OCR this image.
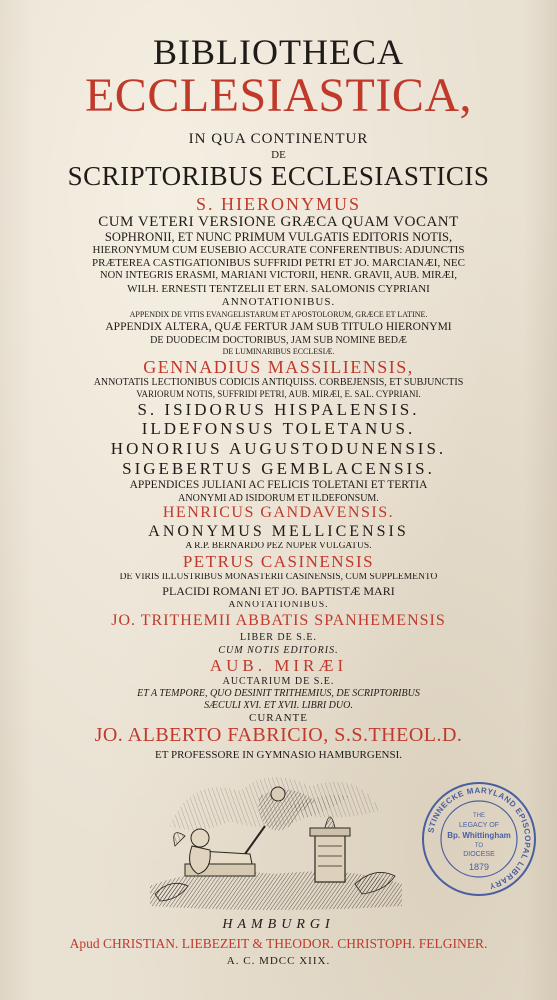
BIBLIOTHECA
ECCLESIASTICA,
IN QUA CONTINENTUR
DE
SCRIPTORIBUS ECCLESIASTICIS
S. HIERONYMUS
CUM VETERI VERSIONE GRÆCA QUAM VOCANT
SOPHRONII, ET NUNC PRIMUM VULGATIS EDITORIS NOTIS,
HIERONYMUM CUM EUSEBIO ACCURATE CONFERENTIBUS: ADJUNCTIS
PRÆTEREA CASTIGATIONIBUS SUFFRIDI PETRI ET JO. MARCIANÆI, NEC
NON INTEGRIS ERASMI, MARIANI VICTORII, HENR. GRAVII, AUB. MIRÆI,
WILH. ERNESTI TENTZELII ET ERN. SALOMONIS CYPRIANI
ANNOTATIONIBUS.
APPENDIX DE VITIS EVANGELISTARUM ET APOSTOLORUM, GRÆCE ET LATINE.
APPENDIX ALTERA, QUÆ FERTUR JAM SUB TITULO HIERONYMI
DE DUODECIM DOCTORIBUS, JAM SUB NOMINE BEDÆ
DE LUMINARIBUS ECCLESIÆ.
GENNADIUS MASSILIENSIS,
ANNOTATIS LECTIONIBUS CODICIS ANTIQUISS. CORBEJENSIS, ET SUBJUNCTIS
VARIORUM NOTIS, SUFFRIDI PETRI, AUB. MIRÆI, E. SAL. CYPRIANI.
S. ISIDORUS HISPALENSIS.
ILDEFONSUS TOLETANUS.
HONORIUS AUGUSTODUNENSIS.
SIGEBERTUS GEMBLACENSIS.
APPENDICES JULIANI AC FELICIS TOLETANI ET TERTIA
ANONYMI AD ISIDORUM ET ILDEFONSUM.
HENRICUS GANDAVENSIS.
ANONYMUS MELLICENSIS
A R.P. BERNARDO PEZ NUPER VULGATUS.
PETRUS CASINENSIS
DE VIRIS ILLUSTRIBUS MONASTERII CASINENSIS, CUM SUPPLEMENTO
PLACIDI ROMANI ET JO. BAPTISTÆ MARI
ANNOTATIONIBUS.
JO. TRITHEMII ABBATIS SPANHEMENSIS
LIBER DE S.E.
CUM NOTIS EDITORIS.
AUB. MIRÆI
AUCTARIUM DE S.E.
ET A TEMPORE, QUO DESINIT TRITHEMIUS, DE SCRIPTORIBUS
SÆCULI XVI. ET XVII. LIBRI DUO.
CURANTE
JO. ALBERTO FABRICIO, S.S.THEOL.D.
ET PROFESSORE IN GYMNASIO HAMBURGENSI.
STINNECKE MARYLAND EPISCOPAL LIBRARY
THE
LEGACY OF
Bp. Whittingham
TO
DIOCESE
1879
HAMBURGI
Apud CHRISTIAN. LIEBEZEIT & THEODOR. CHRISTOPH. FELGINER.
A. C. MDCC XIIX.
